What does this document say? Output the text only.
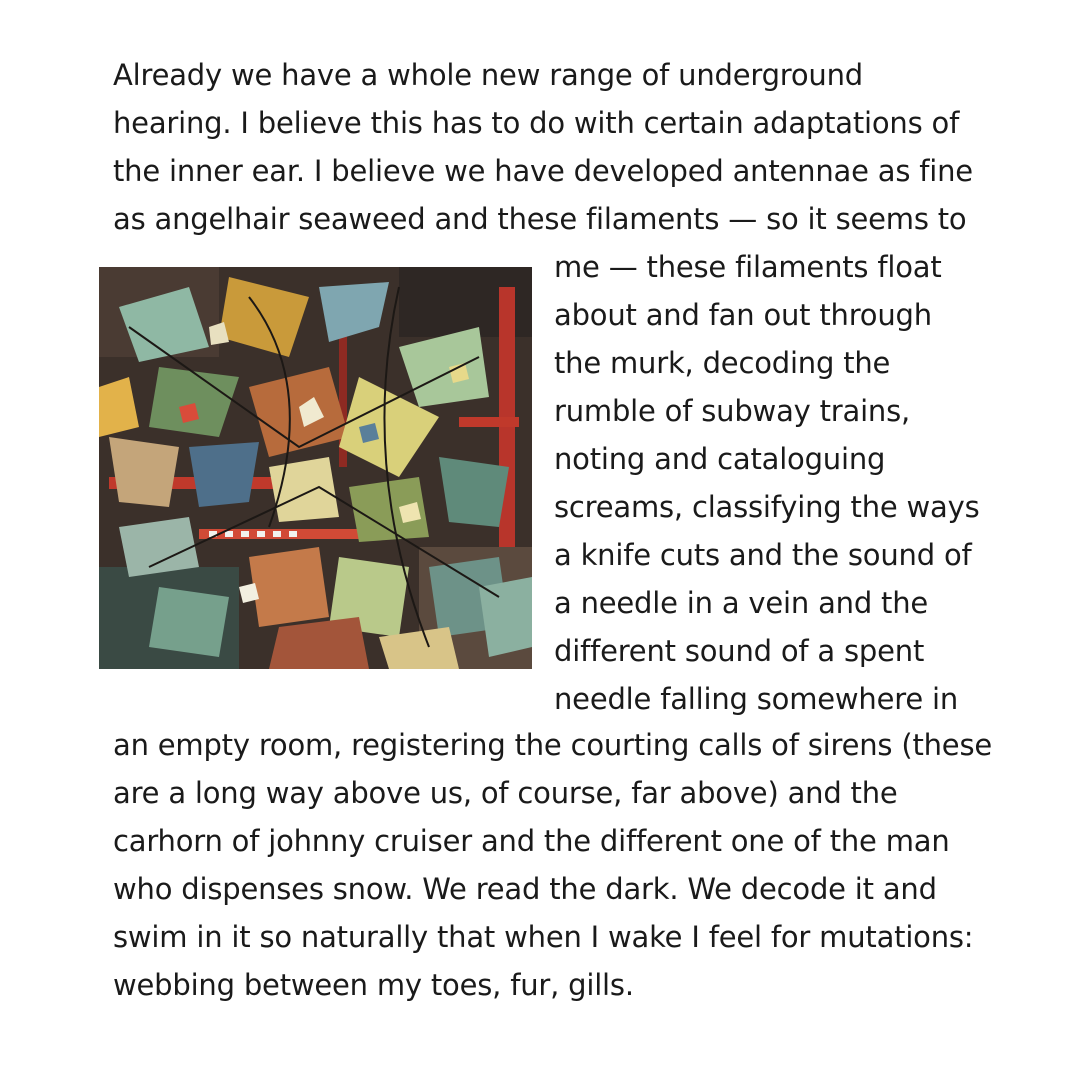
Already we have a whole new range of underground
hearing. I believe this has to do with certain adaptations of
the inner ear. I believe we have developed antennae as fine
as angelhair seaweed and these filaments — so it seems to
me — these filaments float
about and fan out through
the murk, decoding the
rumble of subway trains,
noting and cataloguing
screams, classifying the ways
a knife cuts and the sound of
a needle in a vein and the
different sound of a spent
needle falling somewhere in
an empty room, registering the courting calls of sirens (these
are a long way above us, of course, far above) and the
carhorn of johnny cruiser and the different one of the man
who dispenses snow. We read the dark. We decode it and
swim in it so naturally that when I wake I feel for mutations:
webbing between my toes, fur, gills.
